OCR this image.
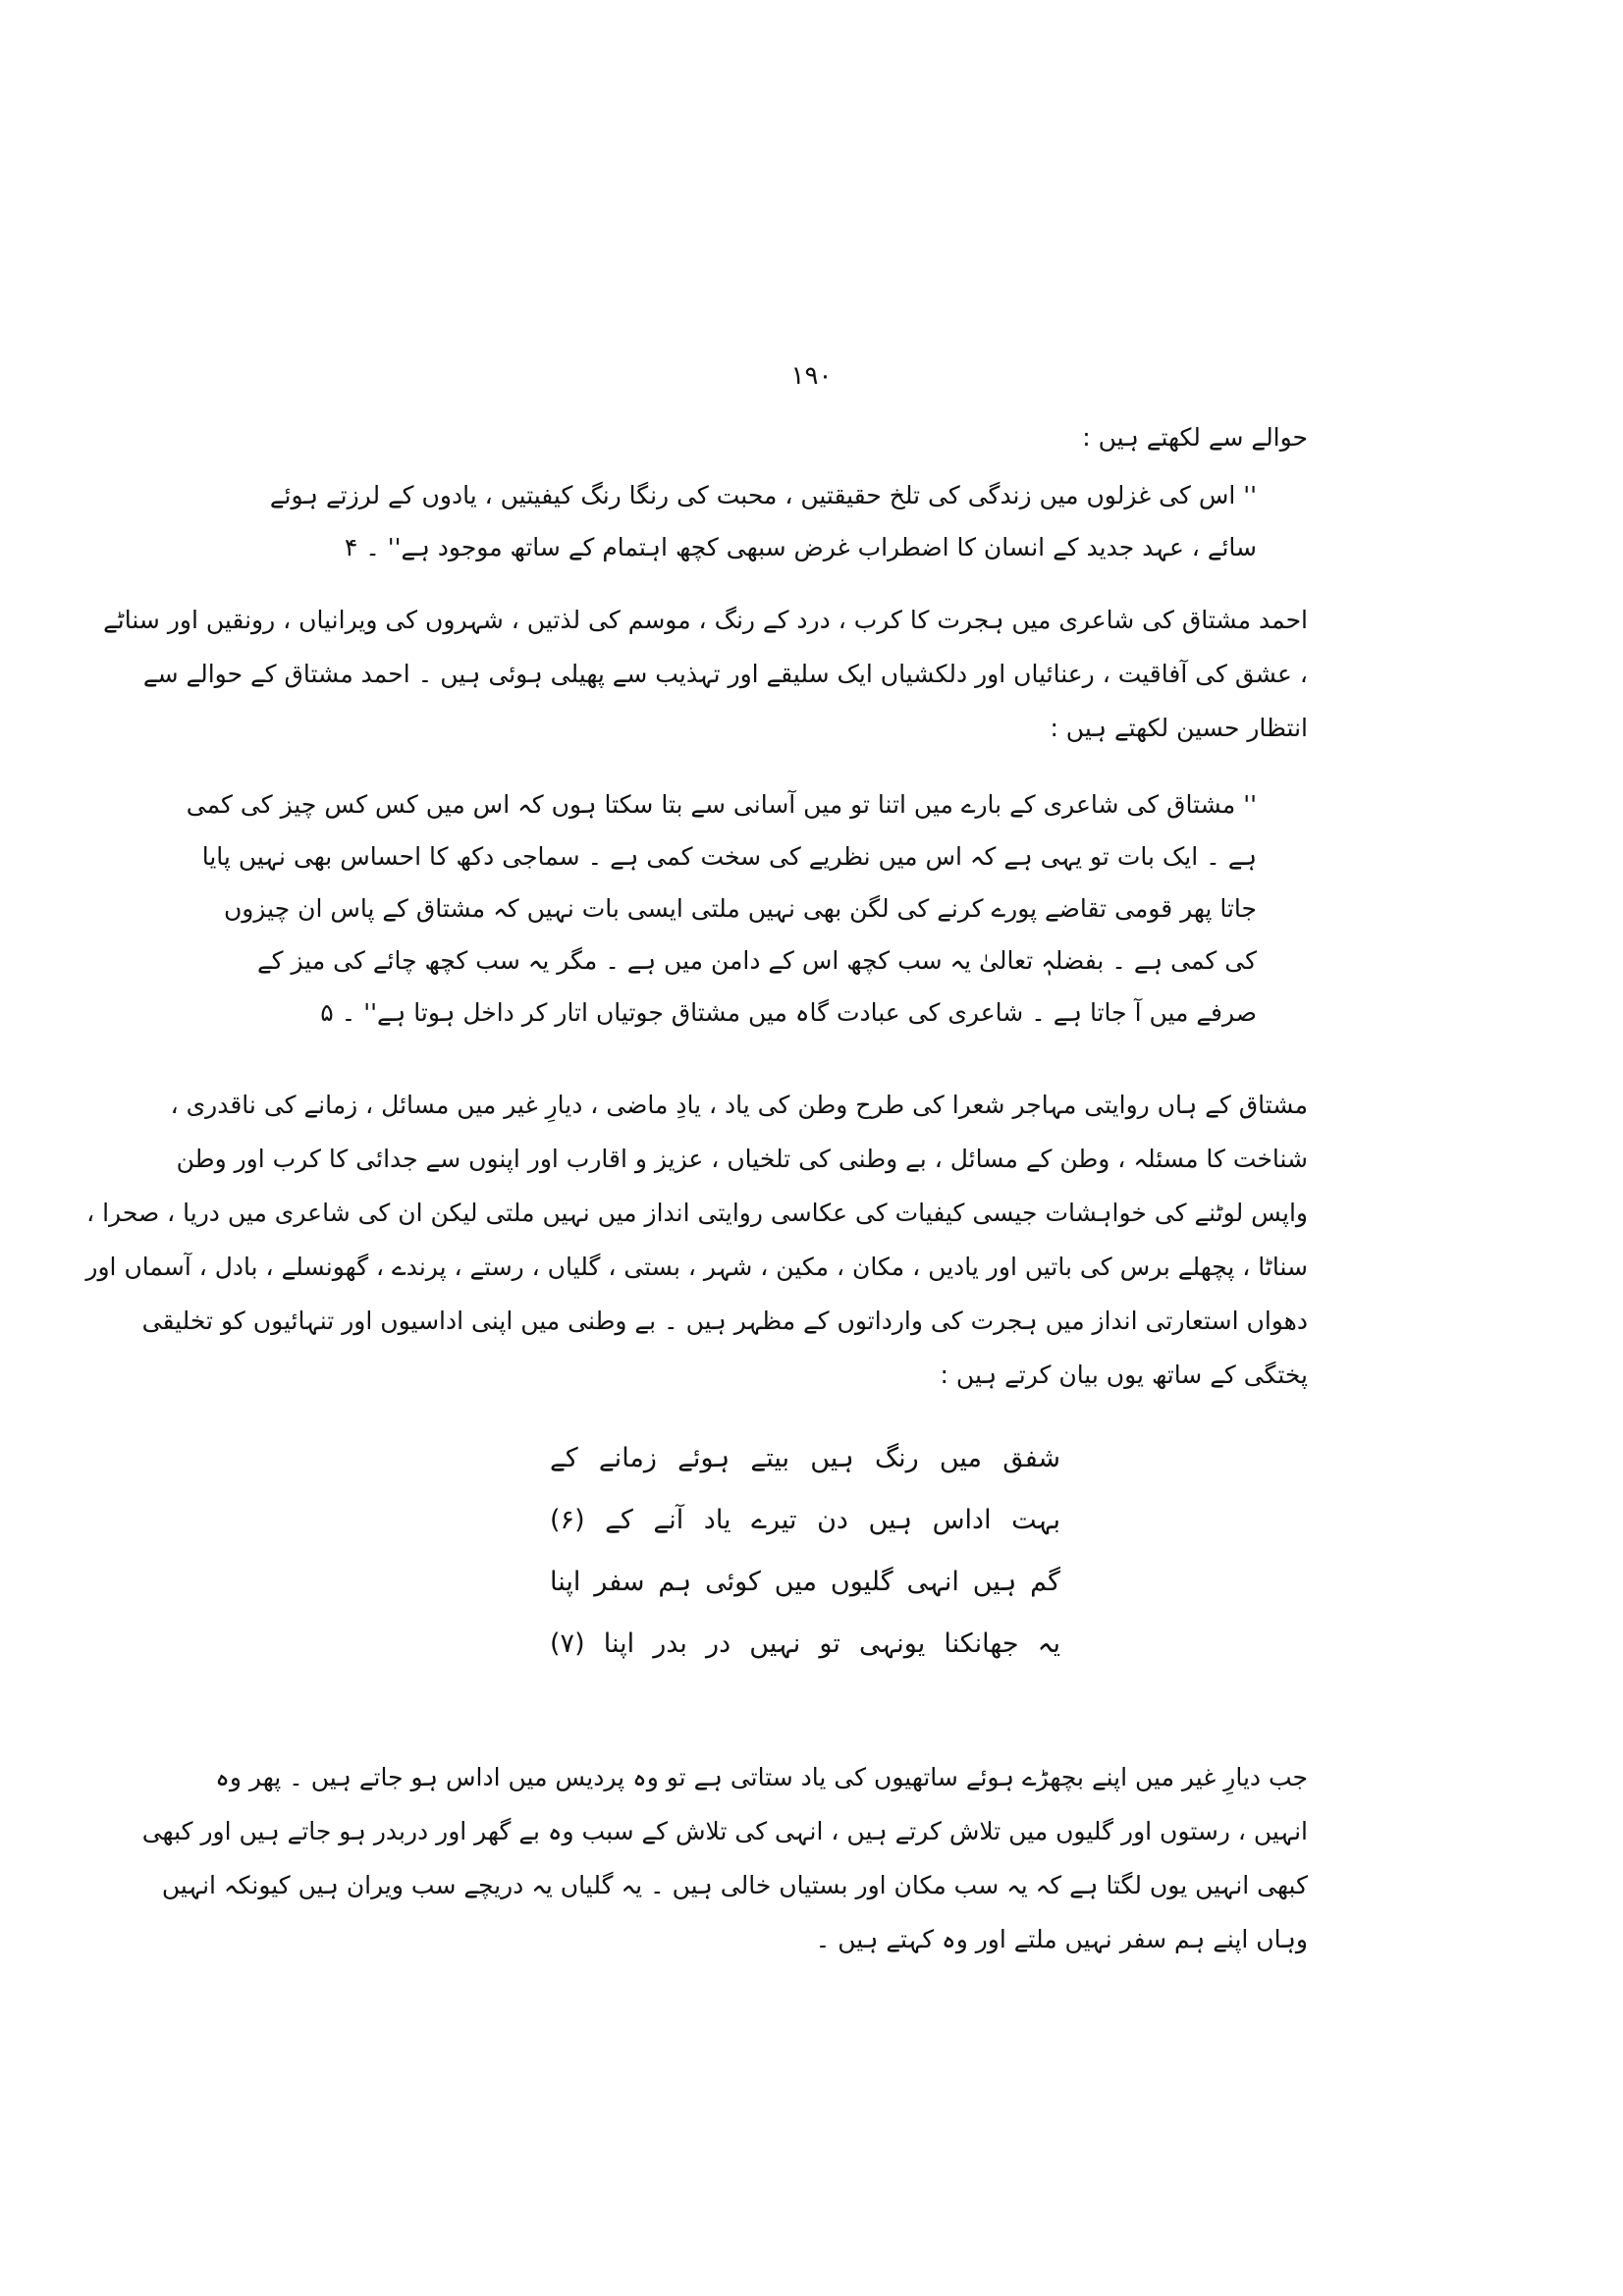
۱۹۰

حوالے سے لکھتے ہیں :

'' اس کی غزلوں میں زندگی کی تلخ حقیقتیں ، محبت کی رنگا رنگ کیفیتیں ، یادوں کے لرزتے ہوئے
سائے ، عہد جدید کے انسان کا اضطراب غرض سبھی کچھ اہتمام کے ساتھ موجود ہے'' ۔ ۴
احمد مشتاق کی شاعری میں ہجرت کا کرب ، درد کے رنگ ، موسم کی لذتیں ، شہروں کی ویرانیاں ، رونقیں اور سناٹے
، عشق کی آفاقیت ، رعنائیاں اور دلکشیاں ایک سلیقے اور تہذیب سے پھیلی ہوئی ہیں ۔ احمد مشتاق کے حوالے سے
انتظار حسین لکھتے ہیں :
'' مشتاق کی شاعری کے بارے میں اتنا تو میں آسانی سے بتا سکتا ہوں کہ اس میں کس کس چیز کی کمی
ہے ۔ ایک بات تو یہی ہے کہ اس میں نظریے کی سخت کمی ہے ۔ سماجی دکھ کا احساس بھی نہیں پایا
جاتا پھر قومی تقاضے پورے کرنے کی لگن بھی نہیں ملتی ایسی بات نہیں کہ مشتاق کے پاس ان چیزوں
کی کمی ہے ۔ بفضلہٖ تعالیٰ یہ سب کچھ اس کے دامن میں ہے ۔ مگر یہ سب کچھ چائے کی میز کے
صرفے میں آ جاتا ہے ۔ شاعری کی عبادت گاہ میں مشتاق جوتیاں اتار کر داخل ہوتا ہے'' ۔ ۵
مشتاق کے ہاں روایتی مہاجر شعرا کی طرح وطن کی یاد ، یادِ ماضی ، دیارِ غیر میں مسائل ، زمانے کی ناقدری ،
شناخت کا مسئلہ ، وطن کے مسائل ، بے وطنی کی تلخیاں ، عزیز و اقارب اور اپنوں سے جدائی کا کرب اور وطن
واپس لوٹنے کی خواہشات جیسی کیفیات کی عکاسی روایتی انداز میں نہیں ملتی لیکن ان کی شاعری میں دریا ، صحرا ،
سناٹا ، پچھلے برس کی باتیں اور یادیں ، مکان ، مکین ، شہر ، بستی ، گلیاں ، رستے ، پرندے ، گھونسلے ، بادل ، آسماں اور
دھواں استعارتی انداز میں ہجرت کی وارداتوں کے مظہر ہیں ۔ بے وطنی میں اپنی اداسیوں اور تنہائیوں کو تخلیقی
پختگی کے ساتھ یوں بیان کرتے ہیں :
شفق میں رنگ ہیں بیتے ہوئے زمانے کے
بہت اداس ہیں دن تیرے یاد آنے کے (۶)
گم ہیں انہی گلیوں میں کوئی ہم سفر اپنا
یہ جھانکنا یونہی تو نہیں در بدر اپنا (۷)
جب دیارِ غیر میں اپنے بچھڑے ہوئے ساتھیوں کی یاد ستاتی ہے تو وہ پردیس میں اداس ہو جاتے ہیں ۔ پھر وہ
انہیں ، رستوں اور گلیوں میں تلاش کرتے ہیں ، انہی کی تلاش کے سبب وہ بے گھر اور دربدر ہو جاتے ہیں اور کبھی
کبھی انہیں یوں لگتا ہے کہ یہ سب مکان اور بستیاں خالی ہیں ۔ یہ گلیاں یہ دریچے سب ویران ہیں کیونکہ انہیں
وہاں اپنے ہم سفر نہیں ملتے اور وہ کہتے ہیں ۔
